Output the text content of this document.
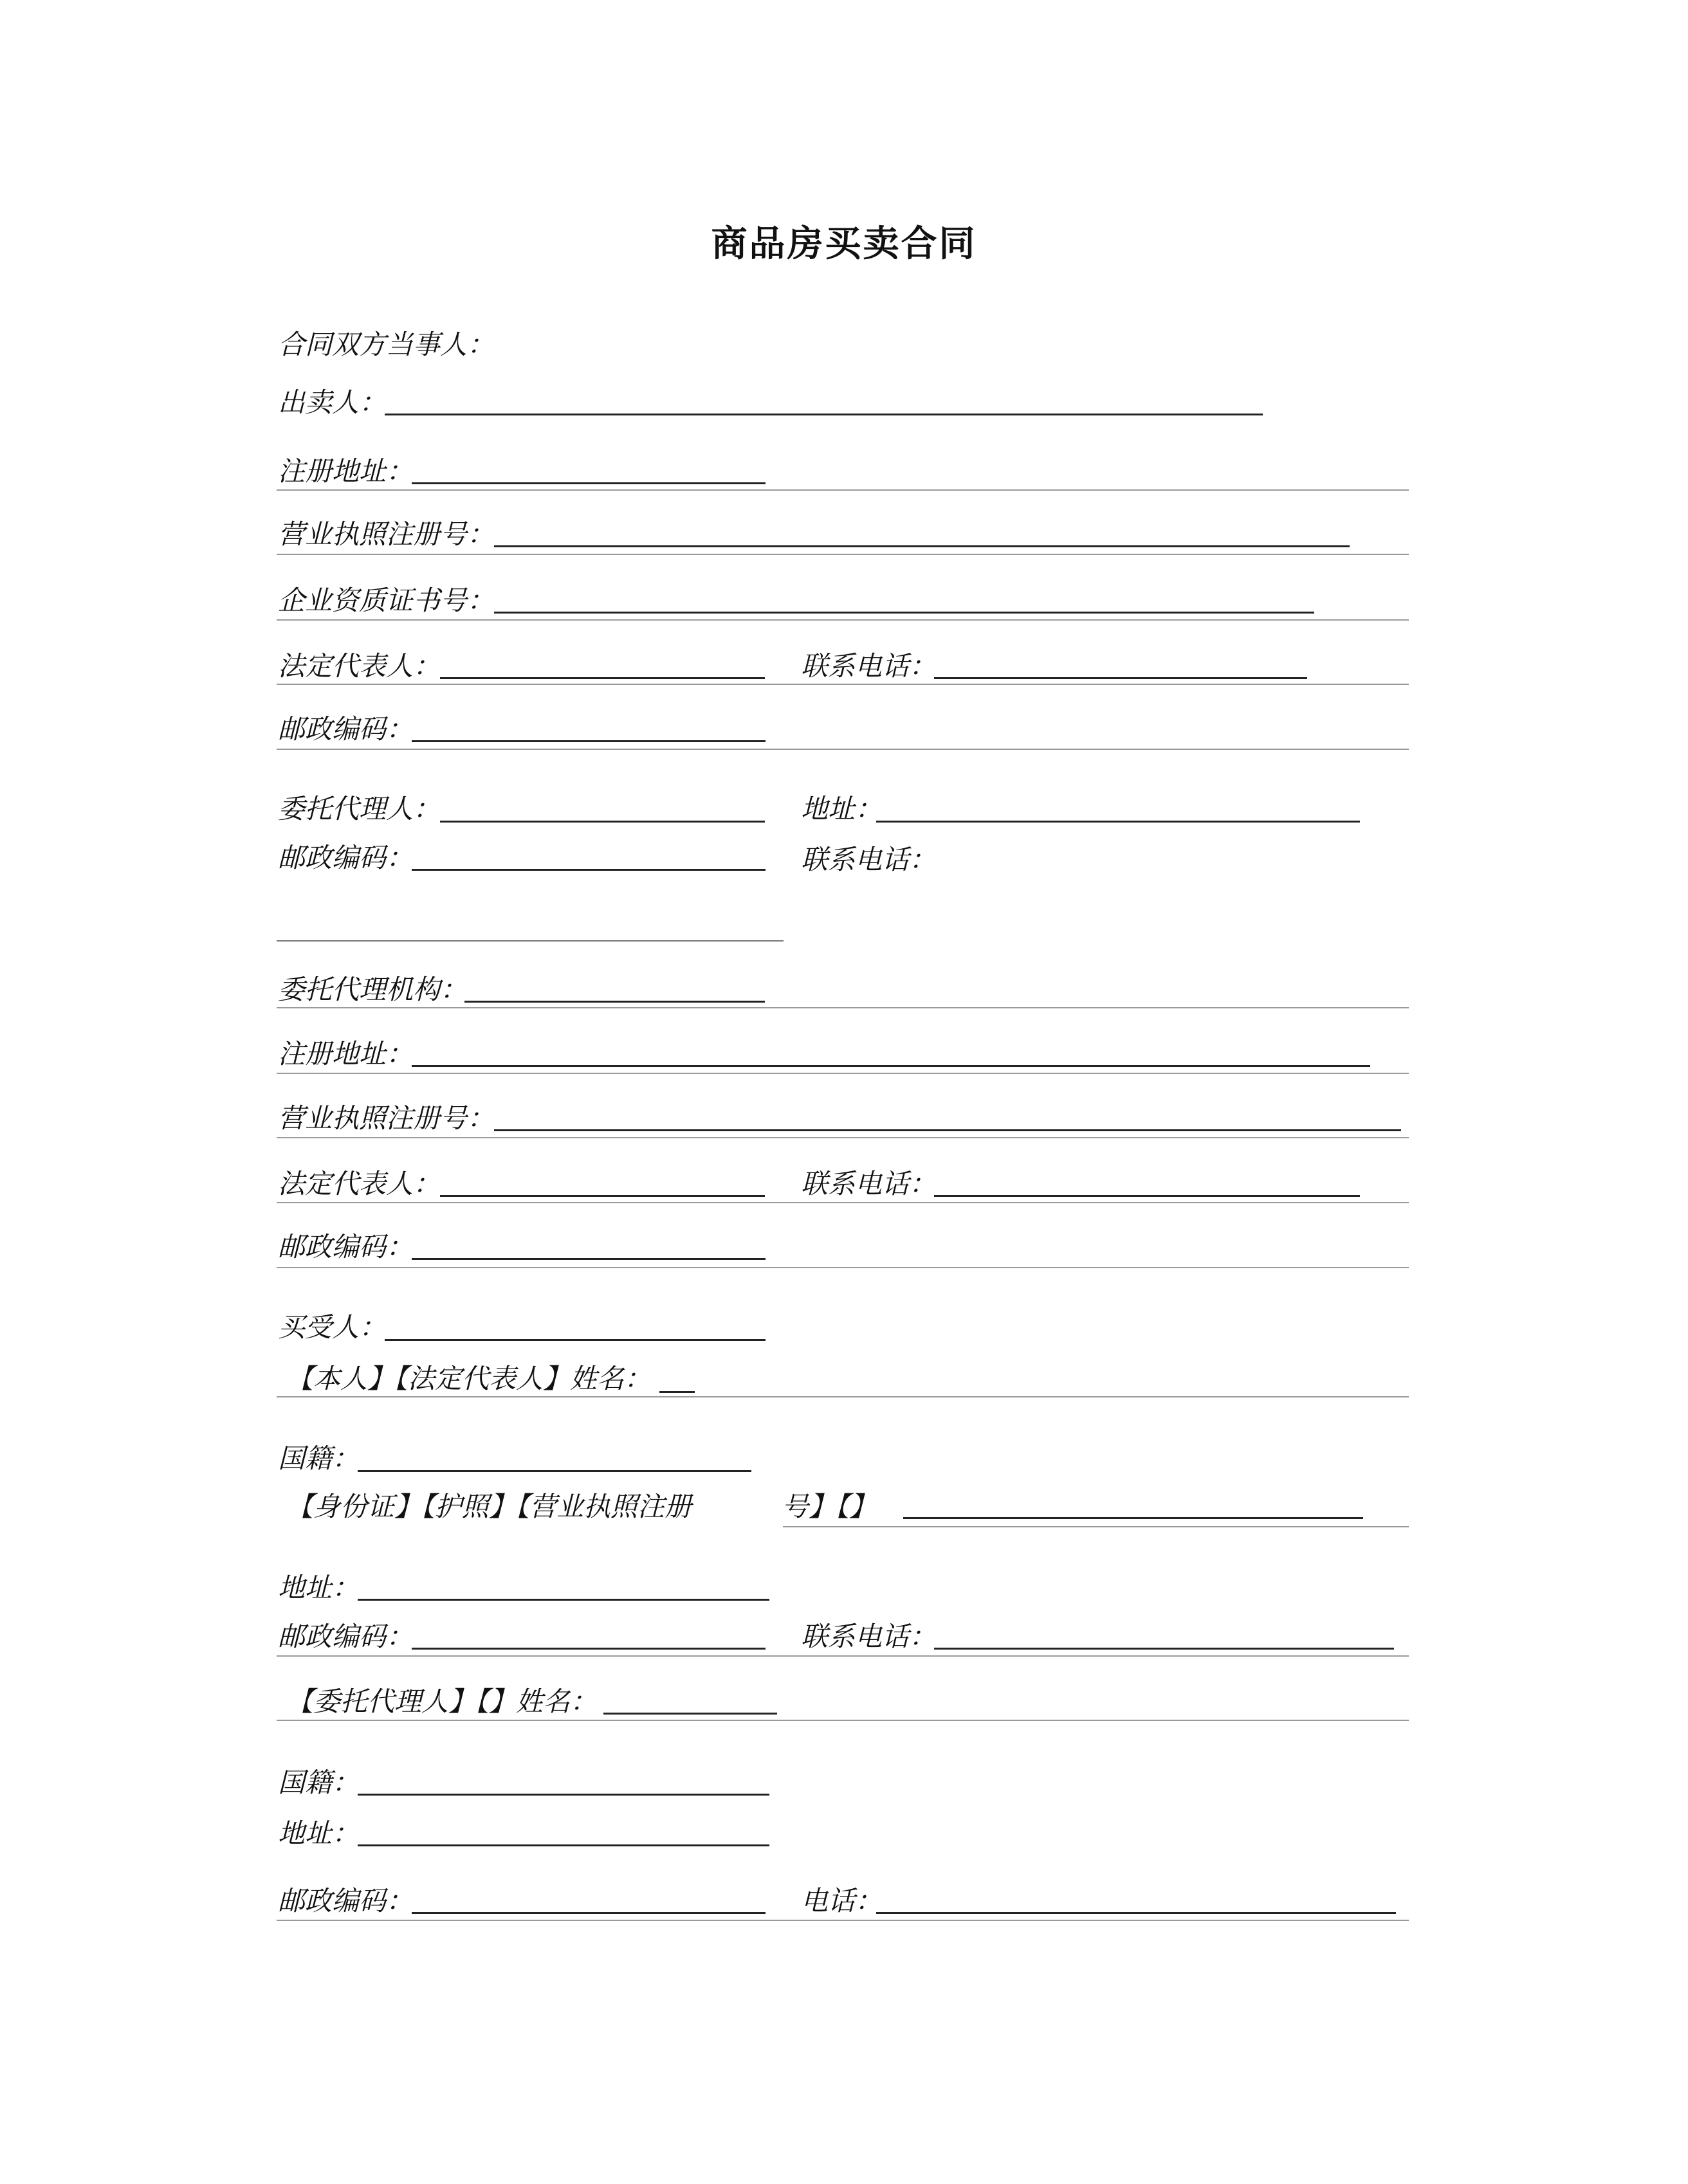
商品房买卖合同
合同双方当事人：
出卖人：
注册地址：
营业执照注册号：
企业资质证书号：
法定代表人：	联系电话：
邮政编码：
委托代理人：	地址：
邮政编码：	联系电话：
委托代理机构：
注册地址：
营业执照注册号：
法定代表人：	联系电话：
邮政编码：
买受人：
【本人】【法定代表人】姓名：
国籍：
【身份证】【护照】【营业执照注册	号】【】
地址：
邮政编码：	联系电话：
【委托代理人】【】姓名：
国籍：
地址：
邮政编码：	电话：
